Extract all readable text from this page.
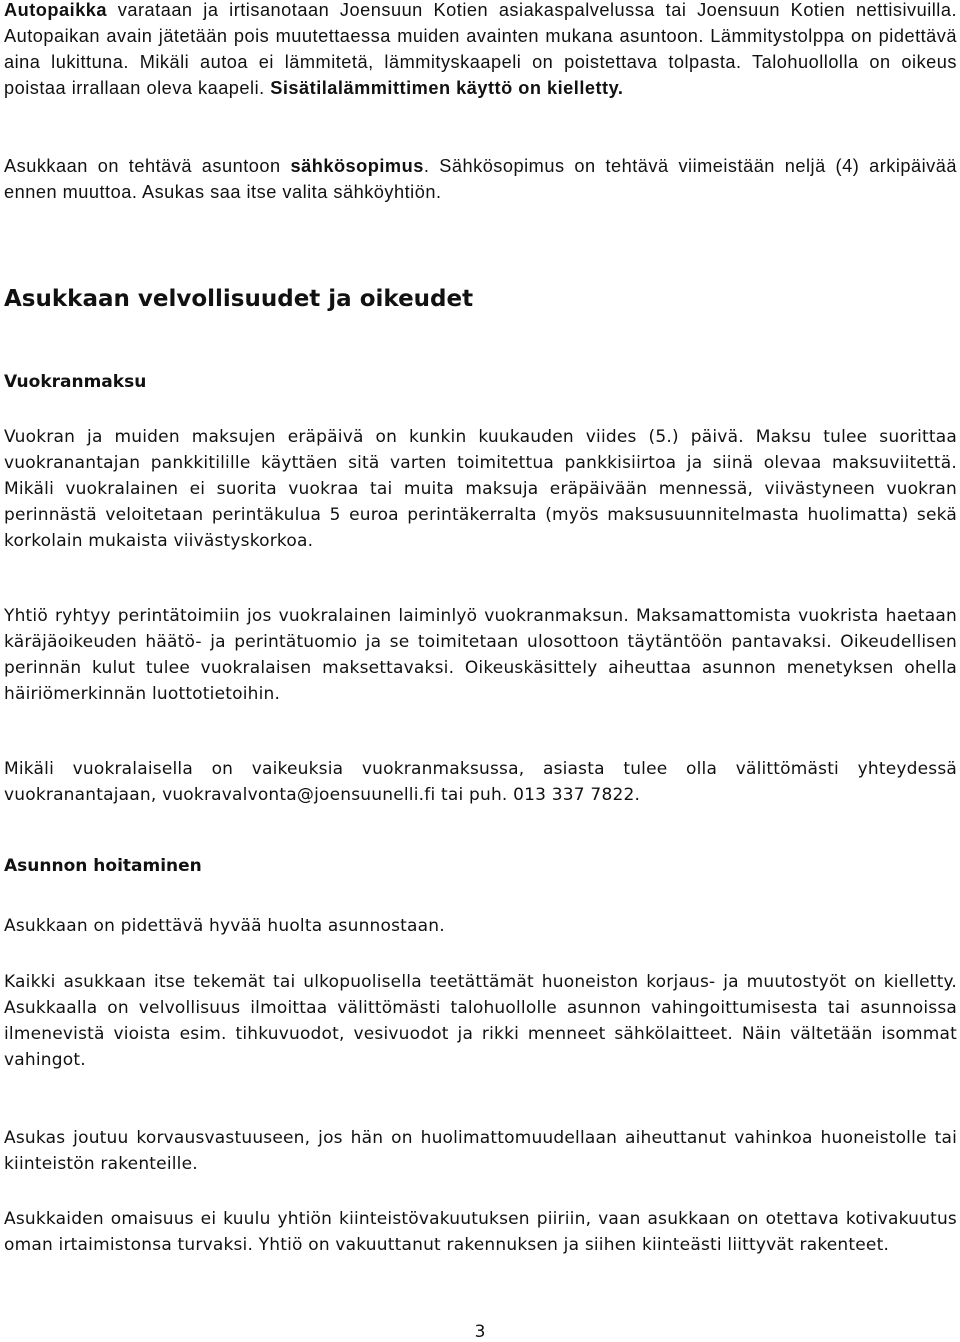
Autopaikka varataan ja irtisanotaan Joensuun Kotien asiakaspalvelussa tai Joensuun Kotien nettisivuilla. Autopaikan avain jätetään pois muutettaessa muiden avainten mukana asuntoon. Lämmitystolppa on pidettävä aina lukittuna. Mikäli autoa ei lämmitetä, lämmityskaapeli on poistettava tolpasta. Talohuollolla on oikeus poistaa irrallaan oleva kaapeli. Sisätilalämmittimen käyttö on kielletty.

Asukkaan on tehtävä asuntoon sähkösopimus. Sähkösopimus on tehtävä viimeistään neljä (4) arkipäivää ennen muuttoa. Asukas saa itse valita sähköyhtiön.

Asukkaan velvollisuudet ja oikeudet
Vuokranmaksu

Vuokran ja muiden maksujen eräpäivä on kunkin kuukauden viides (5.) päivä. Maksu tulee suorittaa vuokranantajan pankkitilille käyttäen sitä varten toimitettua pankkisiirtoa ja siinä olevaa maksuviitettä. Mikäli vuokralainen ei suorita vuokraa tai muita maksuja eräpäivään mennessä, viivästyneen vuokran perinnästä veloitetaan perintäkulua 5 euroa perintäkerralta (myös maksusuunnitelmasta huolimatta) sekä korkolain mukaista viivästyskorkoa.

Yhtiö ryhtyy perintätoimiin jos vuokralainen laiminlyö vuokranmaksun. Maksamattomista vuokrista haetaan käräjäoikeuden häätö- ja perintätuomio ja se toimitetaan ulosottoon täytäntöön pantavaksi. Oikeudellisen perinnän kulut tulee vuokralaisen maksettavaksi. Oikeuskäsittely aiheuttaa asunnon menetyksen ohella häiriömerkinnän luottotietoihin.

Mikäli vuokralaisella on vaikeuksia vuokranmaksussa, asiasta tulee olla välittömästi yhteydessä vuokranantajaan, vuokravalvonta@joensuunelli.fi tai puh. 013 337 7822.

Asunnon hoitaminen

Asukkaan on pidettävä hyvää huolta asunnostaan.

Kaikki asukkaan itse tekemät tai ulkopuolisella teetättämät huoneiston korjaus- ja muutostyöt on kielletty. Asukkaalla on velvollisuus ilmoittaa välittömästi talohuollolle asunnon vahingoittumisesta tai asunnoissa ilmenevistä vioista esim. tihkuvuodot, vesivuodot ja rikki menneet sähkölaitteet. Näin vältetään isommat vahingot.

Asukas joutuu korvausvastuuseen, jos hän on huolimattomuudellaan aiheuttanut vahinkoa huoneistolle tai kiinteistön rakenteille.

Asukkaiden omaisuus ei kuulu yhtiön kiinteistövakuutuksen piiriin, vaan asukkaan on otettava kotivakuutus oman irtaimistonsa turvaksi. Yhtiö on vakuuttanut rakennuksen ja siihen kiinteästi liittyvät rakenteet.

3
